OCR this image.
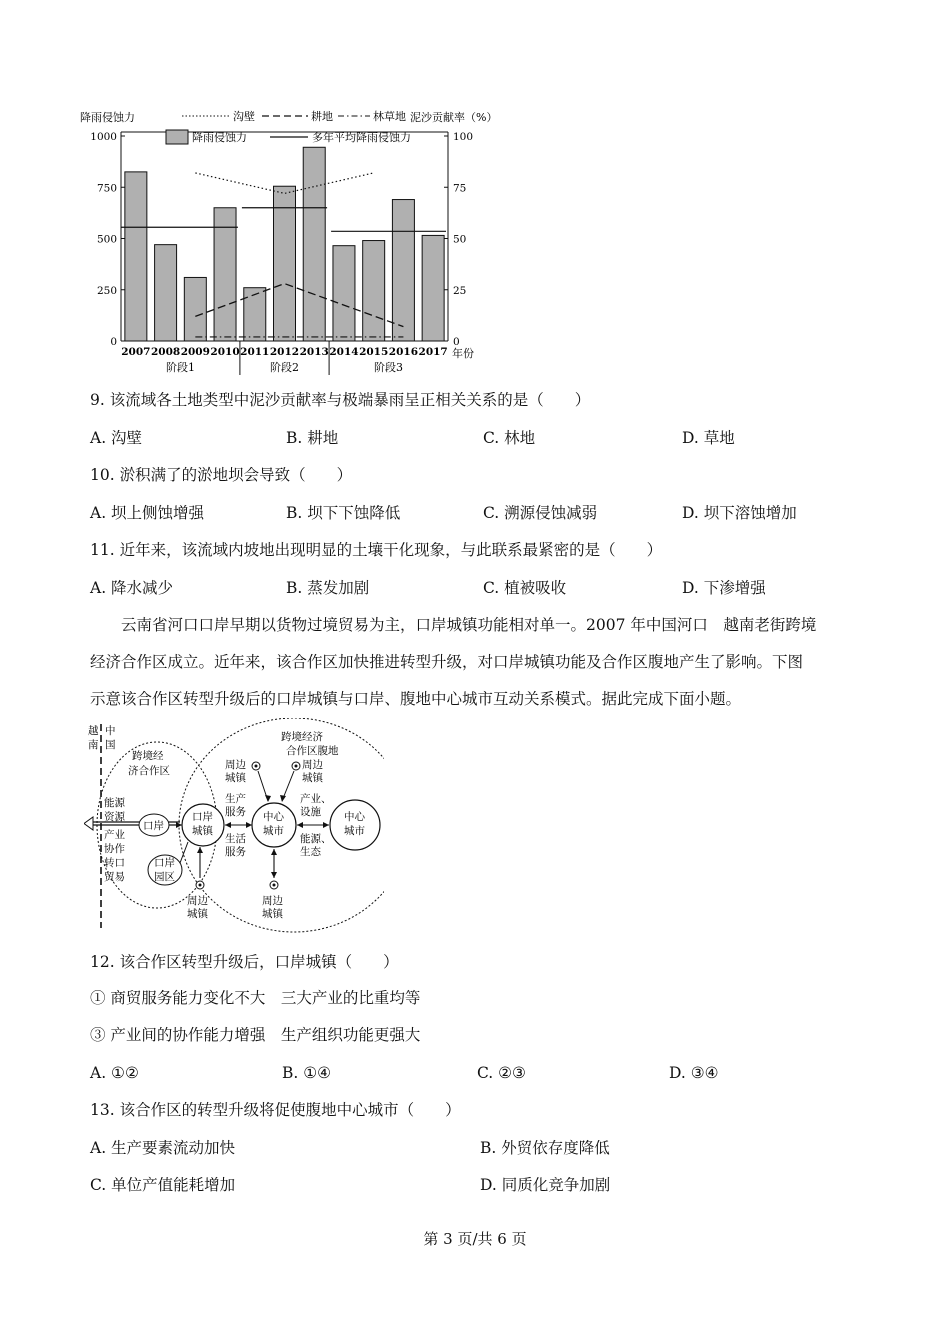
0
250
500
750
1000
0
25
50
75
100
降雨侵蚀力	泥沙贡献率（%）
沟壁	耕地	林草地
降雨侵蚀力	多年平均降雨侵蚀力
2007 2008 2009 2010 2011 2012 2013 2014 2015 2016 2017 年份
阶段1	阶段2	阶段3
9. 该流域各土地类型中泥沙贡献率与极端暴雨呈正相关关系的是（　　）
A. 沟壁	B. 耕地	C. 林地	D. 草地
10. 淤积满了的淤地坝会导致（　　）
A. 坝上侧蚀增强	B. 坝下下蚀降低	C. 溯源侵蚀减弱	D. 坝下溶蚀增加
11. 近年来，该流域内坡地出现明显的土壤干化现象，与此联系最紧密的是（　　）
A. 降水减少	B. 蒸发加剧	C. 植被吸收	D. 下渗增强
云南省河口口岸早期以货物过境贸易为主，口岸城镇功能相对单一。2007 年中国河口　越南老街跨境
经济合作区成立。近年来，该合作区加快推进转型升级，对口岸城镇功能及合作区腹地产生了影响。下图
示意该合作区转型升级后的口岸城镇与口岸、腹地中心城市互动关系模式。据此完成下面小题。
越
南
中
国
跨境经
济合作区
跨境经济
合作区腹地
能源
资源
产业
协作
转口
贸易
口岸
口岸
园区
口岸
城镇
中心
城市
中心
城市
生产
服务
生活
服务
产业、
设施
能源、
生态
周边
城镇
周边
城镇
周边
城镇
周边
城镇
12. 该合作区转型升级后，口岸城镇（　　）
① 商贸服务能力变化不大　三大产业的比重均等
③ 产业间的协作能力增强　生产组织功能更强大
A. ①②	B. ①④	C. ②③	D. ③④
13. 该合作区的转型升级将促使腹地中心城市（　　）
A. 生产要素流动加快	B. 外贸依存度降低
C. 单位产值能耗增加	D. 同质化竞争加剧
第 3 页/共 6 页
